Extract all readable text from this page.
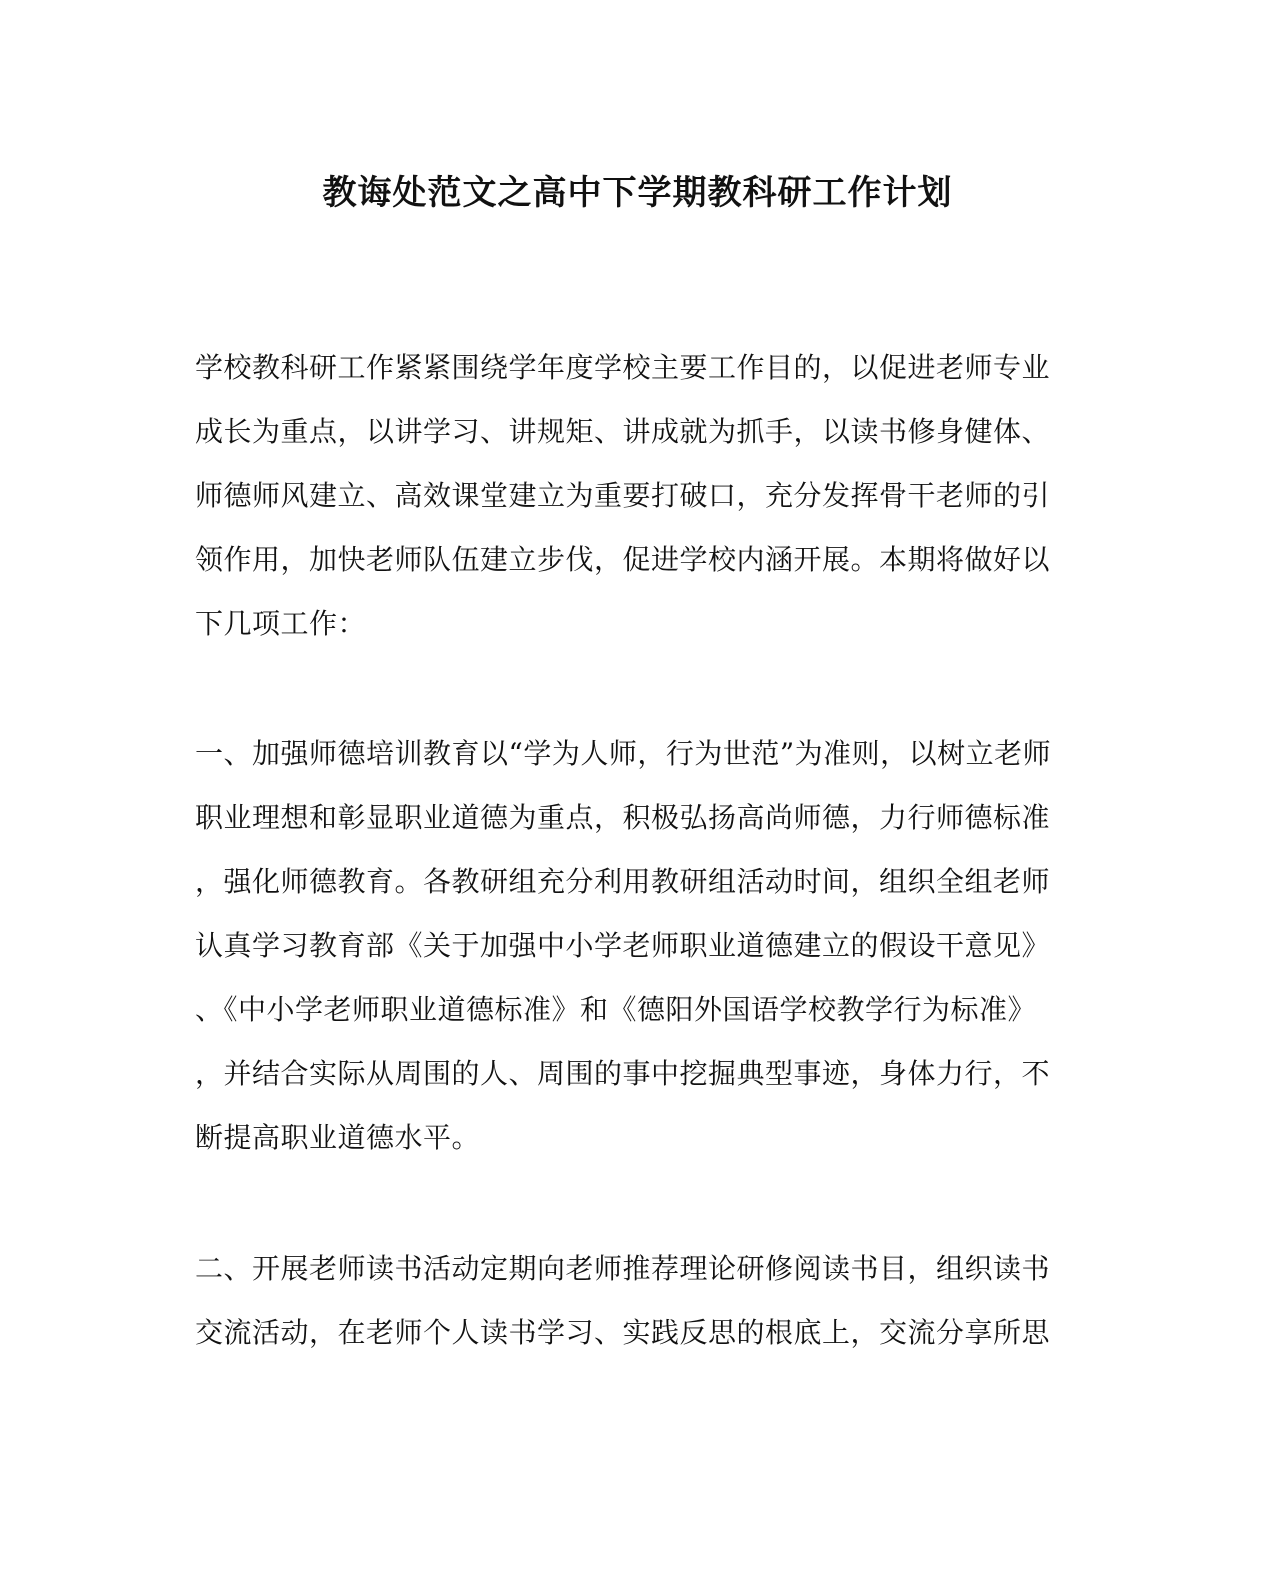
教诲处范文之高中下学期教科研工作计划
学校教科研工作紧紧围绕学年度学校主要工作目的，以促进老师专业
成长为重点，以讲学习、讲规矩、讲成就为抓手，以读书修身健体、
师德师风建立、高效课堂建立为重要打破口，充分发挥骨干老师的引
领作用，加快老师队伍建立步伐，促进学校内涵开展。本期将做好以
下几项工作：
一、加强师德培训教育以“学为人师，行为世范”为准则，以树立老师
职业理想和彰显职业道德为重点，积极弘扬高尚师德，力行师德标准
，强化师德教育。各教研组充分利用教研组活动时间，组织全组老师
认真学习教育部《关于加强中小学老师职业道德建立的假设干意见》
、《中小学老师职业道德标准》和《德阳外国语学校教学行为标准》
，并结合实际从周围的人、周围的事中挖掘典型事迹，身体力行，不
断提高职业道德水平。
二、开展老师读书活动定期向老师推荐理论研修阅读书目，组织读书
交流活动，在老师个人读书学习、实践反思的根底上，交流分享所思
